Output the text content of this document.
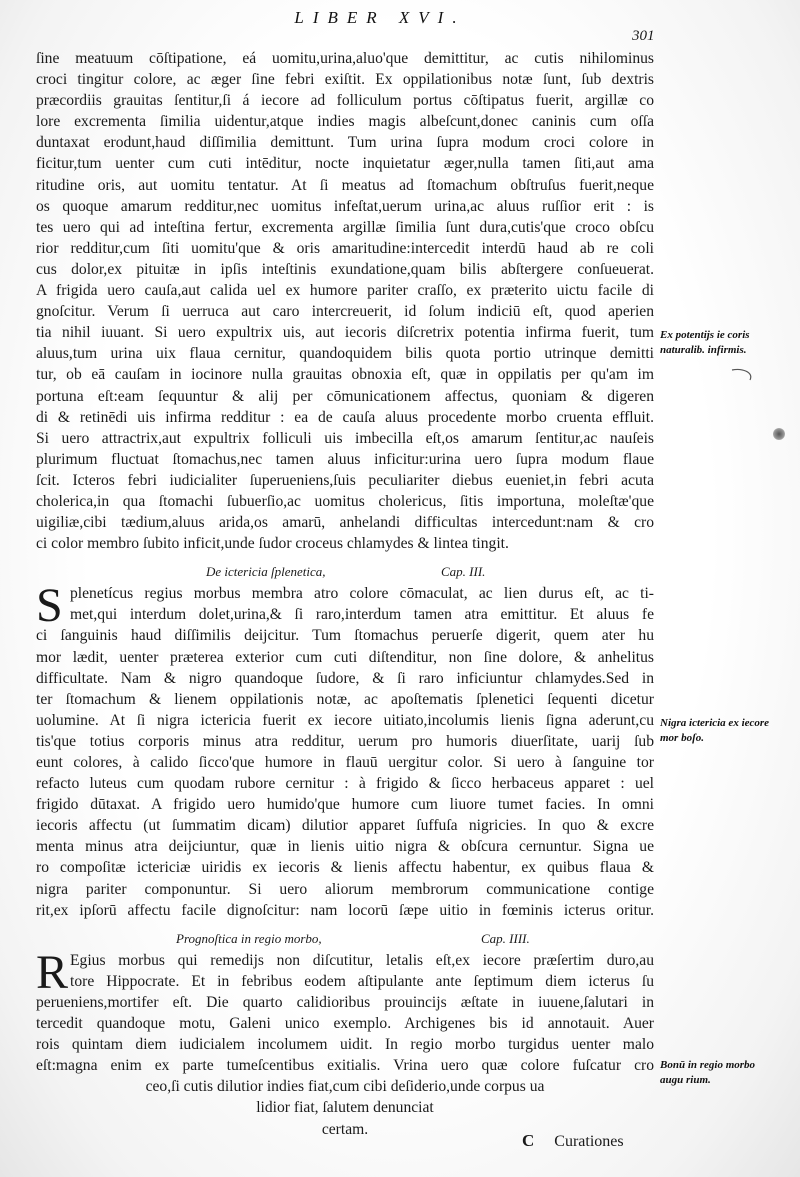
LIBER XVI.
301
ſine meatuum cōſtipatione, eá uomitu,urina,aluo'que demittitur, ac cutis nihilominus
croci tingitur colore, ac æger ſine febri exiſtit. Ex oppilationibus notæ ſunt, ſub dextris
præcordiis grauitas ſentitur,ſi á iecore ad folliculum portus cōſtipatus fuerit, argillæ co
lore excrementa ſimilia uidentur,atque indies magis albeſcunt,donec caninis cum oſſa
duntaxat erodunt,haud diſſimilia demittunt. Tum urina ſupra modum croci colore in
ficitur,tum uenter cum cuti intēditur, nocte inquietatur æger,nulla tamen ſiti,aut ama
ritudine oris, aut uomitu tentatur. At ſi meatus ad ſtomachum obſtruſus fuerit,neque
os quoque amarum redditur,nec uomitus infeſtat,uerum urina,ac aluus ruſſior erit : is
tes uero qui ad inteſtina fertur, excrementa argillæ ſimilia ſunt dura,cutis'que croco obſcu
rior redditur,cum ſiti uomitu'que & oris amaritudine:intercedit interdū haud ab re coli
cus dolor,ex pituitæ in ipſis inteſtinis exundatione,quam bilis abſtergere conſueuerat.
A frigida uero cauſa,aut calida uel ex humore pariter craſſo, ex præterito uictu facile di
gnoſcitur. Verum ſi uerruca aut caro intercreuerit, id ſolum indiciū eſt, quod aperien
tia nihil iuuant. Si uero expultrix uis, aut iecoris diſcretrix potentia infirma fuerit, tum
aluus,tum urina uix flaua cernitur, quandoquidem bilis quota portio utrinque demitti
tur, ob eā cauſam in iocinore nulla grauitas obnoxia eſt, quæ in oppilatis per qu'am im
portuna eſt:eam ſequuntur & alij per cōmunicationem affectus, quoniam & digeren
di & retinēdi uis infirma redditur : ea de cauſa aluus procedente morbo cruenta effluit.
Si uero attractrix,aut expultrix folliculi uis imbecilla eſt,os amarum ſentitur,ac nauſeis
plurimum fluctuat ſtomachus,nec tamen aluus inficitur:urina uero ſupra modum flaue
ſcit. Icteros febri iudicialiter ſuperueniens,ſuis peculiariter diebus eueniet,in febri acuta
cholerica,in qua ſtomachi ſubuerſio,ac uomitus cholericus, ſitis importuna, moleſtæ'que
uigiliæ,cibi tædium,aluus arida,os amarū, anhelandi difficultas intercedunt:nam & cro
ci color membro ſubito inficit,unde ſudor croceus chlamydes & lintea tingit.
De ictericia ſplenetica,	Cap. III.
S plenetícus regius morbus membra atro colore cōmaculat, ac lien durus eſt, ac ti-
met,qui interdum dolet,urina,& ſi raro,interdum tamen atra emittitur. Et aluus fe
ci ſanguinis haud diſſimilis deijcitur. Tum ſtomachus peruerſe digerit, quem ater hu
mor lædit, uenter præterea exterior cum cuti diſtenditur, non ſine dolore, & anhelitus
difficultate. Nam & nigro quandoque ſudore, & ſi raro inficiuntur chlamydes.Sed in
ter ſtomachum & lienem oppilationis notæ, ac apoſtematis ſplenetici ſequenti dicetur
uolumine. At ſi nigra ictericia fuerit ex iecore uitiato,incolumis lienis ſigna aderunt,cu
tis'que totius corporis minus atra redditur, uerum pro humoris diuerſitate, uarij ſub
eunt colores, à calido ſicco'que humore in flauū uergitur color. Si uero à ſanguine tor
refacto luteus cum quodam rubore cernitur : à frigido & ſicco herbaceus apparet : uel
frigido dūtaxat. A frigido uero humido'que humore cum liuore tumet facies. In omni
iecoris affectu (ut ſummatim dicam) dilutior apparet ſuffuſa nigricies. In quo & excre
menta minus atra deijciuntur, quæ in lienis uitio nigra & obſcura cernuntur. Signa ue
ro compoſitæ ictericiæ uiridis ex iecoris & lienis affectu habentur, ex quibus flaua &
nigra pariter componuntur. Si uero aliorum membrorum communicatione contige
rit,ex ipſorū affectu facile dignoſcitur: nam locorū ſæpe uitio in fœminis icterus oritur.
Prognoſtica in regio morbo,	Cap. IIII.
R Egius morbus qui remedijs non diſcutitur, letalis eſt,ex iecore præſertim duro,au
tore Hippocrate. Et in febribus eodem aſtipulante ante ſeptimum diem icterus ſu
perueniens,mortifer eſt. Die quarto calidioribus prouincijs æſtate in iuuene,ſalutari in
tercedit quandoque motu, Galeni unico exemplo. Archigenes bis id annotauit. Auer
rois quintam diem iudicialem incolumem uidit. In regio morbo turgidus uenter malo
eſt:magna enim ex parte tumeſcentibus exitialis. Vrina uero quæ colore fuſcatur cro
ceo,ſi cutis dilutior indies fiat,cum cibi deſiderio,unde corpus ua
lidior fiat, ſalutem denunciat
certam.
Ex potentijs ie coris naturalib. infirmis.
Nigra ictericia ex iecore mor boſo.
Bonū in regio morbo augu rium.
C Curationes
